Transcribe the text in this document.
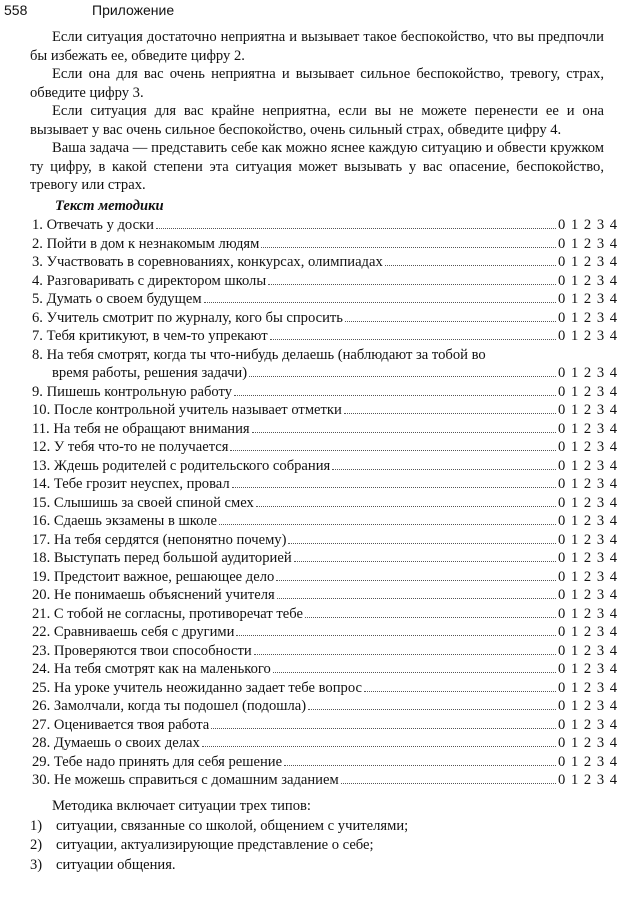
558	Приложение

Если ситуация достаточно неприятна и вызывает такое беспокойство, что вы предпочли бы избежать ее, обведите цифру 2.

Если она для вас очень неприятна и вызывает сильное беспокойство, тревогу, страх, обведите цифру 3.

Если ситуация для вас крайне неприятна, если вы не можете перенести ее и она вызывает у вас очень сильное беспокойство, очень сильный страх, обведите цифру 4.

Ваша задача — представить себе как можно яснее каждую ситуацию и обвести кружком ту цифру, в какой степени эта ситуация может вызывать у вас опасение, беспокойство, тревогу или страх.

Текст методики
1.
Отвечать у доски	0 1 2 3 4
2.
Пойти в дом к незнакомым людям	0 1 2 3 4
3.
Участвовать в соревнованиях, конкурсах, олимпиадах	0 1 2 3 4
4.
Разговаривать с директором школы	0 1 2 3 4
5.
Думать о своем будущем	0 1 2 3 4
6.
Учитель смотрит по журналу, кого бы спросить	0 1 2 3 4
7.
Тебя критикуют, в чем-то упрекают	0 1 2 3 4
8. На тебя смотрят, когда ты что-нибудь делаешь (наблюдают за тобой во
время работы, решения задачи)	0 1 2 3 4
9.
Пишешь контрольную работу	0 1 2 3 4
10.
После контрольной учитель называет отметки	0 1 2 3 4
11.
На тебя не обращают внимания	0 1 2 3 4
12.
У тебя что-то не получается	0 1 2 3 4
13.
Ждешь родителей с родительского собрания	0 1 2 3 4
14.
Тебе грозит неуспех, провал	0 1 2 3 4
15.
Слышишь за своей спиной смех	0 1 2 3 4
16.
Сдаешь экзамены в школе	0 1 2 3 4
17.
На тебя сердятся (непонятно почему)	0 1 2 3 4
18.
Выступать перед большой аудиторией	0 1 2 3 4
19.
Предстоит важное, решающее дело	0 1 2 3 4
20.
Не понимаешь объяснений учителя	0 1 2 3 4
21.
С тобой не согласны, противоречат тебе	0 1 2 3 4
22.
Сравниваешь себя с другими	0 1 2 3 4
23.
Проверяются твои способности	0 1 2 3 4
24.
На тебя смотрят как на маленького	0 1 2 3 4
25.
На уроке учитель неожиданно задает тебе вопрос	0 1 2 3 4
26.
Замолчали, когда ты подошел (подошла)	0 1 2 3 4
27.
Оценивается твоя работа	0 1 2 3 4
28.
Думаешь о своих делах	0 1 2 3 4
29.
Тебе надо принять для себя решение	0 1 2 3 4
30.
Не можешь справиться с домашним заданием	0 1 2 3 4
Методика включает ситуации трех типов:
1) ситуации, связанные со школой, общением с учителями;
2) ситуации, актуализирующие представление о себе;
3) ситуации общения.
